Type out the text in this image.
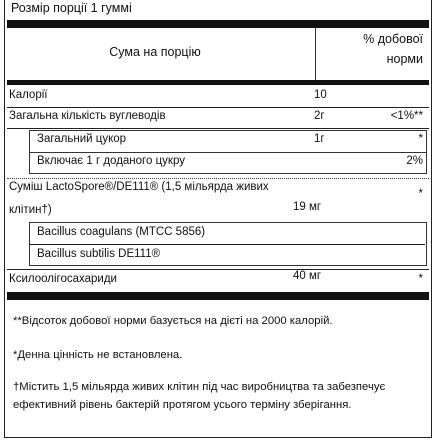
Розмір порції 1 гуммі
Сума на порцію
% добової
норми
Калорії	10
Загальна кількість вуглеводів	2г	<1%**
Загальний цукор	1г	*
Включає 1 г доданого цукру	2%
Суміш LactoSpore®/DE111® (1,5 мільярда живих
*
клітин†)	19 мг
Bacillus coagulans (MTCC 5856)
Bacillus subtilis DE111®
Ксилоолігосахариди	40 мг	*
**Відсоток добової норми базується на дієті на 2000 калорій.
*Денна цінність не встановлена.
†Містить 1,5 мільярда живих клітин під час виробництва та забезпечує
ефективний рівень бактерій протягом усього терміну зберігання.
